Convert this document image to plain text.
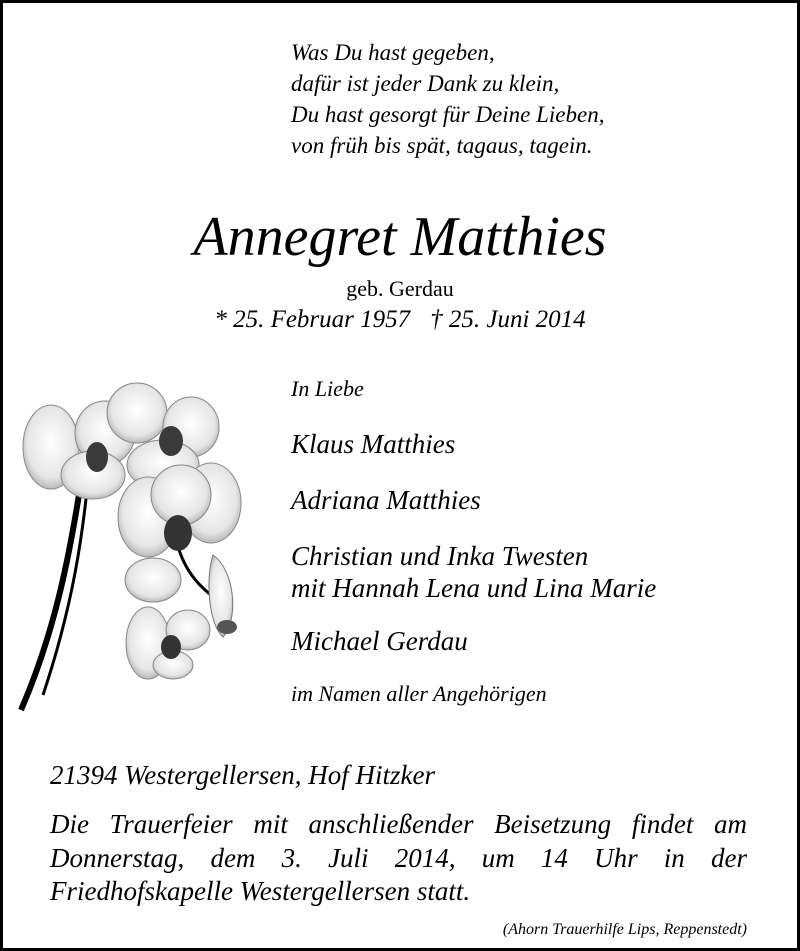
Was Du hast gegeben,
dafür ist jeder Dank zu klein,
Du hast gesorgt für Deine Lieben,
von früh bis spät, tagaus, tagein.
Annegret Matthies
geb. Gerdau
* 25. Februar 1957 † 25. Juni 2014
In Liebe
Klaus Matthies
Adriana Matthies
Christian und Inka Twesten
mit Hannah Lena und Lina Marie
Michael Gerdau
im Namen aller Angehörigen
21394 Westergellersen, Hof Hitzker
Die Trauerfeier mit anschließender Beisetzung findet am Donnerstag, dem 3. Juli 2014, um 14 Uhr in der Friedhofskapelle Westergellersen statt.
(Ahorn Trauerhilfe Lips, Reppenstedt)
